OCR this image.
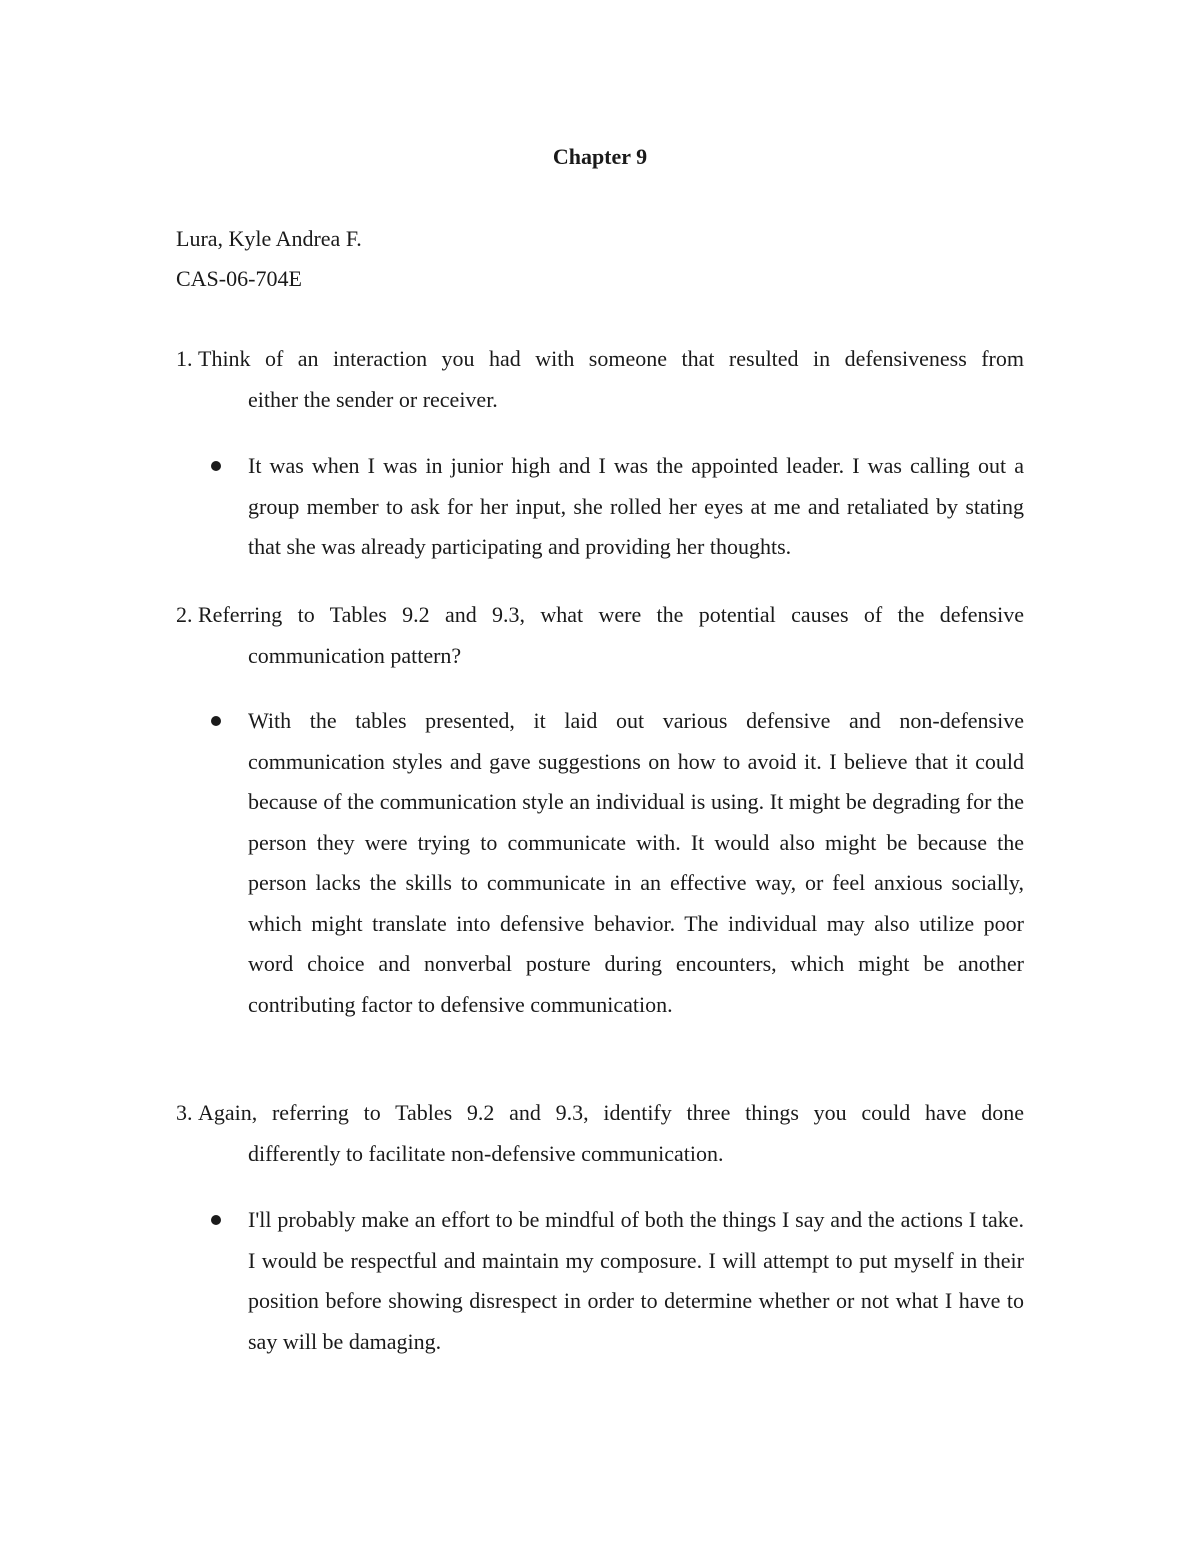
Chapter 9
Lura, Kyle Andrea F.
CAS-06-704E
1. Think of an interaction you had with someone that resulted in defensiveness from
either the sender or receiver.
It was when I was in junior high and I was the appointed leader. I was calling out a group member to ask for her input, she rolled her eyes at me and retaliated by stating that she was already participating and providing her thoughts.
2. Referring to Tables 9.2 and 9.3, what were the potential causes of the defensive
communication pattern?
With the tables presented, it laid out various defensive and non-defensive communication styles and gave suggestions on how to avoid it. I believe that it could because of the communication style an individual is using. It might be degrading for the person they were trying to communicate with. It would also might be because the person lacks the skills to communicate in an effective way, or feel anxious socially, which might translate into defensive behavior. The individual may also utilize poor word choice and nonverbal posture during encounters, which might be another contributing factor to defensive communication.
3. Again, referring to Tables 9.2 and 9.3, identify three things you could have done
differently to facilitate non-defensive communication.
I'll probably make an effort to be mindful of both the things I say and the actions I take. I would be respectful and maintain my composure. I will attempt to put myself in their position before showing disrespect in order to determine whether or not what I have to say will be damaging.
